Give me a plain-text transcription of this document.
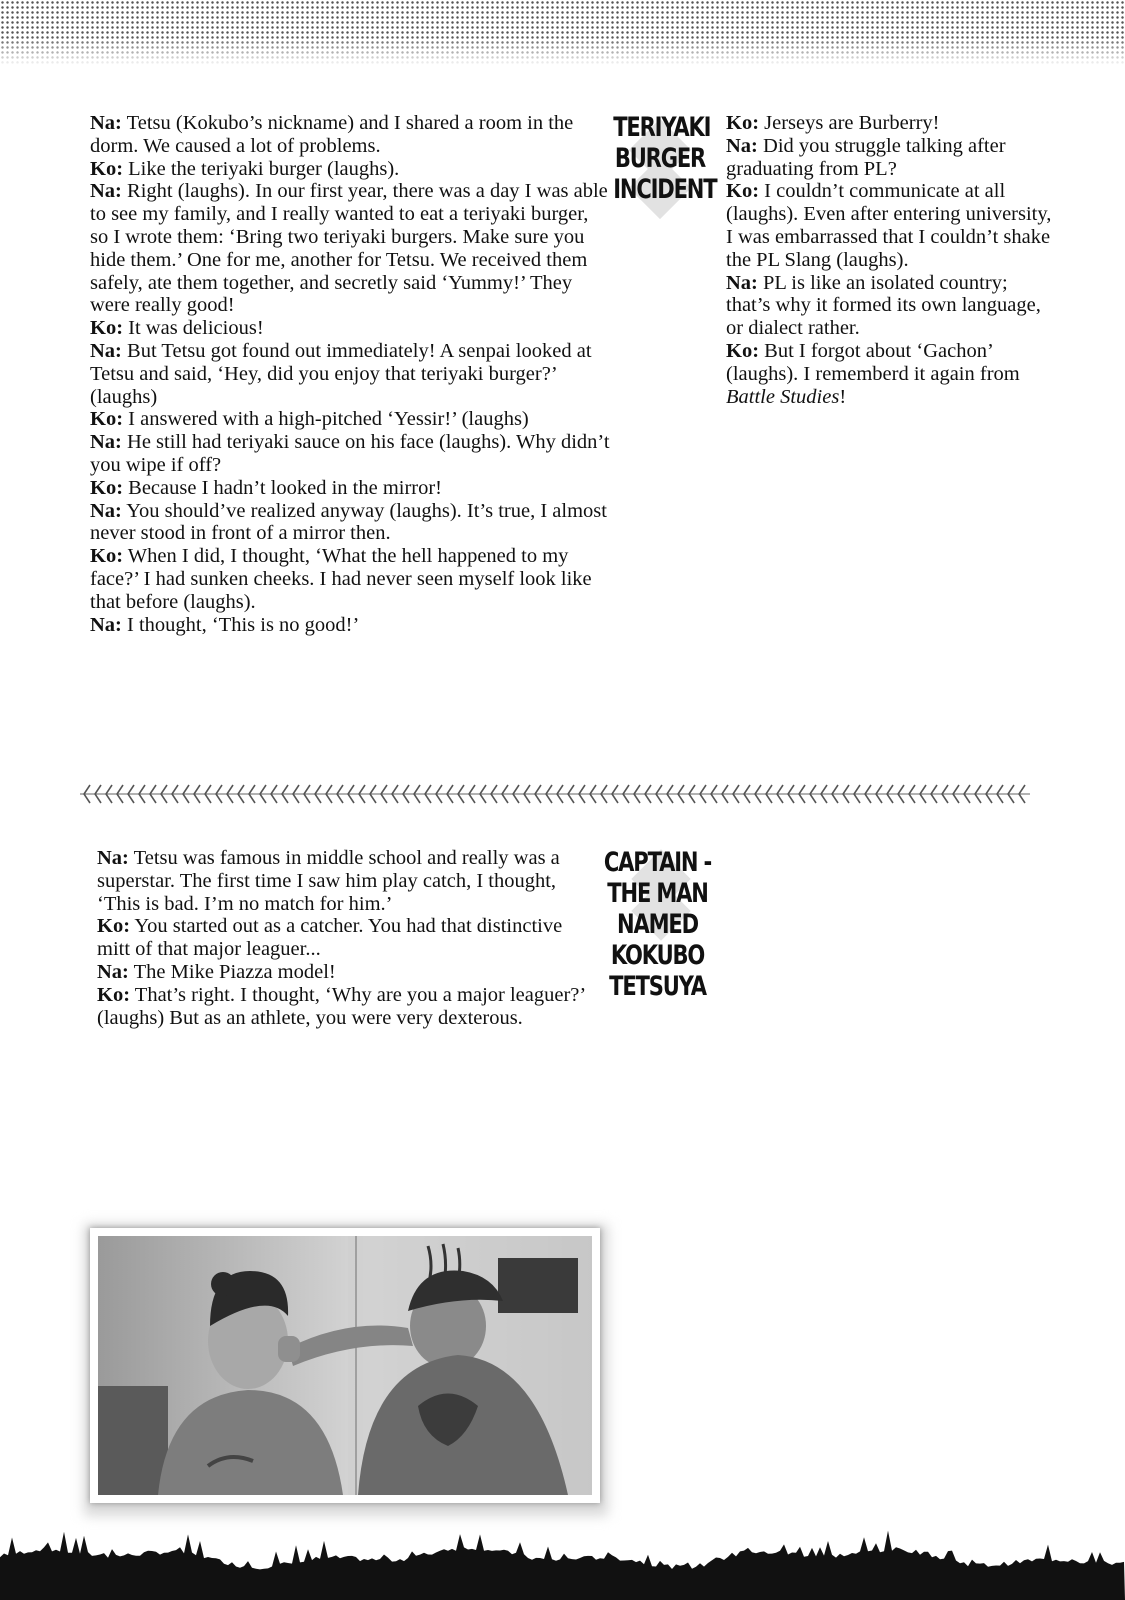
Na: Tetsu (Kokubo’s nickname) and I shared a room in the dorm. We caused a lot of problems.

Ko: Like the teriyaki burger (laughs).

Na: Right (laughs). In our first year, there was a day I was able to see my family, and I really wanted to eat a teriyaki burger, so I wrote them: ‘Bring two teriyaki burgers. Make sure you hide them.’ One for me, another for Tetsu. We received them safely, ate them together, and secretly said ‘Yummy!’ They were really good!

Ko: It was delicious!

Na: But Tetsu got found out immediately! A senpai looked at Tetsu and said, ‘Hey, did you enjoy that teriyaki burger?’ (laughs)

Ko: I answered with a high-pitched ‘Yessir!’ (laughs)

Na: He still had teriyaki sauce on his face (laughs). Why didn’t you wipe if off?

Ko: Because I hadn’t looked in the mirror!

Na: You should’ve realized anyway (laughs). It’s true, I almost never stood in front of a mirror then.

Ko: When I did, I thought, ‘What the hell happened to my face?’ I had sunken cheeks. I had never seen myself look like that before (laughs).

Na: I thought, ‘This is no good!’

TERIYAKI
BURGER
INCIDENT

Ko: Jerseys are Burberry!

Na: Did you struggle talking after graduating from PL?

Ko: I couldn’t communicate at all (laughs). Even after entering university, I was embarrassed that I couldn’t shake the PL Slang (laughs).

Na: PL is like an isolated country; that’s why it formed its own language, or dialect rather.

Ko: But I forgot about ‘Gachon’ (laughs). I rememberd it again from Battle Studies!

Na: Tetsu was famous in middle school and really was a superstar. The first time I saw him play catch, I thought, ‘This is bad. I’m no match for him.’

Ko: You started out as a catcher. You had that distinctive mitt of that major leaguer...

Na: The Mike Piazza model!

Ko: That’s right. I thought, ‘Why are you a major leaguer?’ (laughs) But as an athlete, you were very dexterous.

CAPTAIN -
THE MAN
NAMED
KOKUBO
TETSUYA
